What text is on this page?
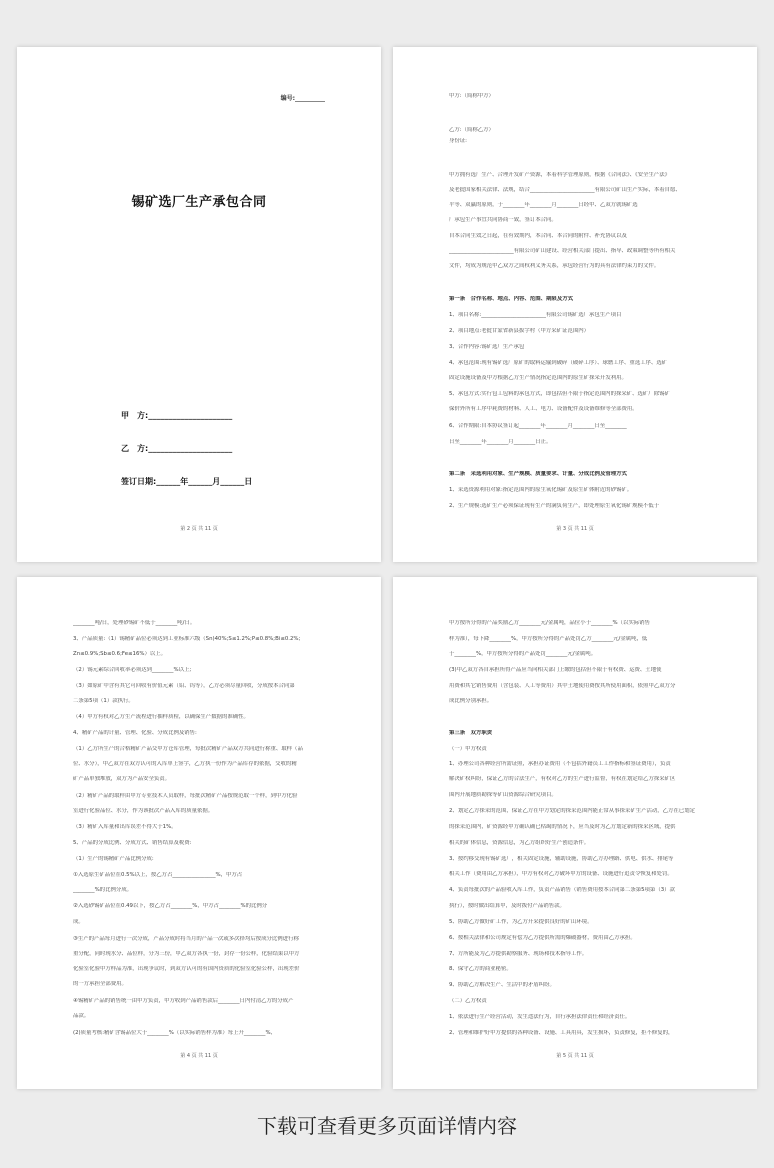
编号:__________
锡矿选厂生产承包合同
甲　方:_____________________
乙　方:_____________________
签订日期:______年______月______日
第 2 页 共 11 页
甲方:（简称甲方）
乙方:（简称乙方）
身份证:
甲方拥有选厂生产、合理开发矿产资源，本着科学管理原则，根据《合同法》、《安全生产法》
及老挝国家相关法律、法规，结合________________________有限公司矿山生产实际，本着自愿、
平等、双赢的原则，于________年________月________日经甲、乙双方就锡矿选
厂承包生产事宜共同协商一致，签订本合同。
自本合同生效之日起，在有效期内，本合同、本合同的附件、补充协议以及
________________________有限公司矿山建设、经营相关部门提出、指导、政策调整等所有相关
文件，均成为规范甲乙双方之间权利义务关系，承包经营行为的具有法律约束力的文件。
第一条　合作名称、地点、内容、范围、期限及方式
1、项目名称:________________________有限公司锡矿选厂承包生产项目
2、项目地点:老挝甘蒙省新县拔字村（甲方采矿证范围内）
3、合作内容:锡矿选厂生产承包
4、承包范围:现有锡矿选厂原矿的取料运输到破碎（破碎工序）、球磨工序、重选工序、选矿
固定设施设备及甲方根据乙方生产情况指定范围内的原生矿探采开发利用。
5、承包方式:实行包工包料的承包方式，即包括但不限于指定范围内的探采矿、选矿厂除锡矿
保价外所有工序中耗费的材料、人工、电力、设备配件及设备维修等全部费用。
6、合作期限:自本协议签订起________年________月________日至________
日至________年________月________日止。
第二条　采选利用对象、生产规模、质量要求、计量、分成比例及管理方式
1、采选资源利用对象:指定范围内的原生氧化锡矿及原生矿体附近的砂锡矿。
2、生产规模:选矿生产必须保证现有生产的满负荷生产，即处理原生氧化锡矿规模不低于
第 3 页 共 11 页
________吨/日，处理砂锡矿不低于________吨/日。
3、产品质量:（1）锡精矿品位必须达到工业标准六级（Sn)40%;S≤1.2%;P≤0.8%;Bi≤0.2%;
Zn≤0.9%;Sb≤0.6;Fe≤16%）以上。
（2）锡元素综合回收率必须达到________%以上;
（3）如原矿中含有其它可回收有价值元素（铅、钨等），乙方必须尽量回收，分成按本合同第
二条第5项（1）款执行。
（4）甲方有权对乙方生产流程进行抽样质检，以确保生产数据的准确性。
4、精矿产品的计量、管理、化验、分成比例及销售:
（1）乙方所生产的合格精矿产品交甲方仓库管理，每批次精矿产品双方共同进行称重、取样（品
位、水分），甲乙双方在双方认可的入库单上签字，乙方执一份作为产品库存的依据，交收的精
矿产品单独堆放，双方为产品安全负责。
（2）精矿产品的取样由甲方专业技术人员取样，每批次精矿产品按规范取一个样，到甲方化验
室进行化验品位、水分，作为该批次产品入库的质量依据。
（3）精矿入库量和出库误差不得大于1%。
5、产品的分成比例、分成方式、销售结算及税费:
（1）生产的锡精矿产品比例分成:
①入选原生矿品位在0.5%以上，按乙方占________________%，甲方占
________%的比例分成。
②入选砂锡矿品位在0.49以下，按乙方占________%，甲方占________%的比例分
成。
③生产的产品每月进行一次分成，产品分成时将当月的产品一次或多次择均后按成分比例进行称
重分配，同时现水分、品位样，分为三份，甲乙双方各执一份，封存一份公样，化验结果以甲方
化验室化验甲方样品为准，出现争议时，到双方认可的有国内资质的化验室化验公样，出现差价
的一方承担全部费用。
④锡精矿产品的销售统一由甲方负责，甲方收到产品销售款后________日内付清乙方的分成产
品款。
(2)质量考核:精矿含锡品位大于________%（以实际销售样为准）每上升________%,
第 4 页 共 11 页
甲方按所分得的产品奖励乙方________元/金属吨，品位小于________%（以实际销售
样为准），每下降________%，甲方按所分得的产品处罚乙方________元/金属吨，低
于________%，甲方按所分得的产品处罚________元/金属吨。
(3)甲乙双方各自承担所得产品应当向相关部门上缴的包括但不限于有权费、运费、土地使
用费和其它销售费用（含包装、人工等费用）其中土地使用费按其所使用面积，依照甲乙双方分
成比例分别承担。
第三条　双方职责
（一）甲方权责
1、办理公司各种经营所需证照，承担办证费用（不包括外籍员工工作指标和签证费用），负责
解决矿权纠纷，保证乙方的合法生产，有权对乙方的生产进行监督，有权在划定给乙方探采矿区
围内开展地质勘探等矿山资源综合研究项目。
2、划定乙方探采的范围，保证乙方在甲方划定的探采范围内能正常从事探采矿生产活动，乙方在已划定
的探采范围内，矿资源经甲方确认确已枯竭的情况下，应当及时为乙方划定新的探采区域，提供
相关的矿体信息，资源信息，为乙方组织好生产创造条件。
3、按约移交现有锡矿选厂，相关固定设施，辅助设施，协助乙方办理路、供电、供水、排尾等
相关工作（费用由乙方承担），甲方有权对乙方破坏甲方的设备、设施进行追责令恢复和处罚。
4、负责每批次的产品验收入库工作，负责产品销售（销售费用按本合同第二条第5项第（3）款
执行），按时做出结算甲，及时拨付产品销售款。
5、协助乙方做好矿工作，为乙方开采提供良好的矿山环境。
6、按相关法律和公司规定有偿为乙方提供所需的爆破器材，费用由乙方承担。
7、方所能及为乙方提供勘察服务、现场和技术指导工作。
8、保守乙方的商业秘密。
9、协助乙方解决生产、生活中的矛盾纠纷。
（二）乙方权责
1、依法进行生产经营活动，发生违法行为，自行承担法律责任和经济责任。
2、管理和维护好甲方提供的各种设备、设施、工具用具，发生损坏，负责修复，拒不修复的，
第 5 页 共 11 页
下载可查看更多页面详情内容
